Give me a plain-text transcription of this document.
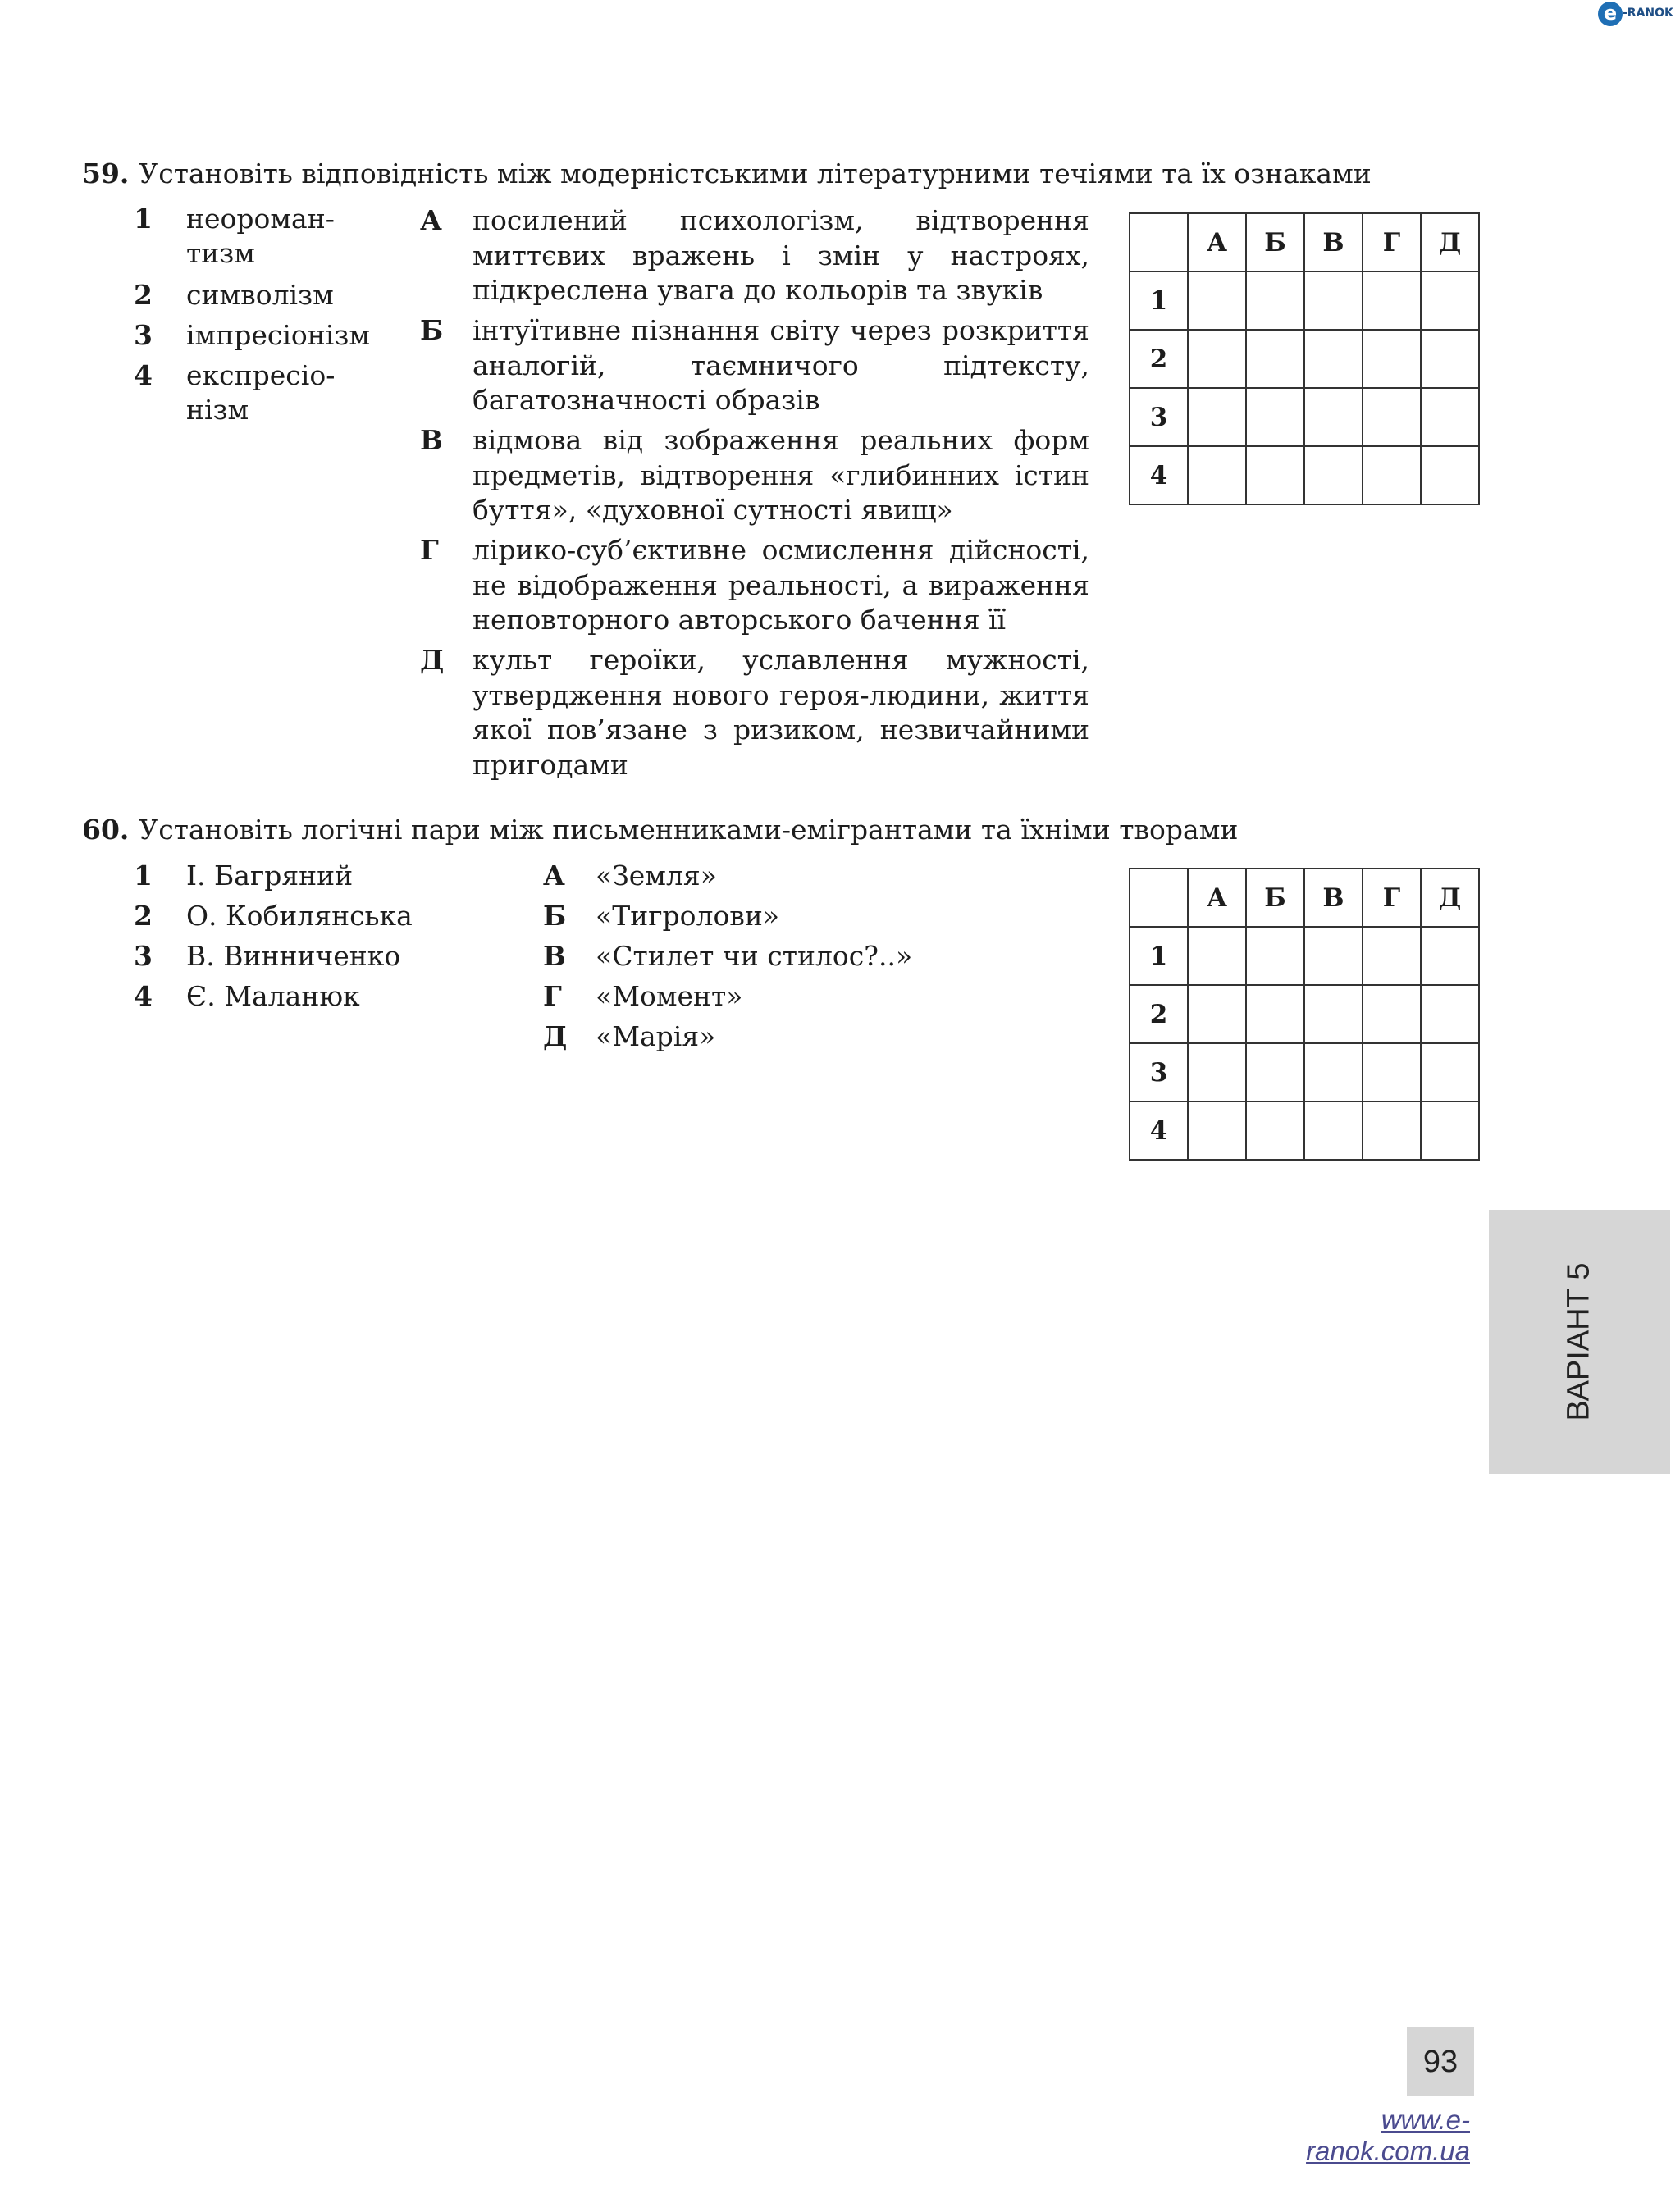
e -RANOK
59. Установіть відповідність між модерністськими літературними течіями та їх ознаками
1 неороман-
тизм
2 символізм
3 імпресіонізм
4 експресіо-
нізм
А посилений психологізм, відтворення миттєвих вражень і змін у настроях, підкреслена увага до кольорів та звуків
Б інтуїтивне пізнання світу через розкриття аналогій, таємничого підтексту, багатозначності образів
В відмова від зображення реальних форм предметів, відтворення «глибинних істин буття», «духовної сутності явищ»
Г лірико-суб’єктивне осмислення дійсності, не відображення реальності, а вираження неповторного авторського бачення її
Д культ героїки, уславлення мужності, утвердження нового героя-людини, життя якої пов’язане з ризиком, незвичайними пригодами
	А	Б	В	Г	Д
1					
2					
3					
4					
60. Установіть логічні пари між письменниками-емігрантами та їхніми творами
1 І. Багряний
2 О. Кобилянська
3 В. Винниченко
4 Є. Маланюк
А «Земля»
Б «Тигролови»
В «Стилет чи стилос?..»
Г «Момент»
Д «Марія»
	А	Б	В	Г	Д
1					
2					
3					
4					
ВАРІАНТ 5
93
www.e-ranok.com.ua
